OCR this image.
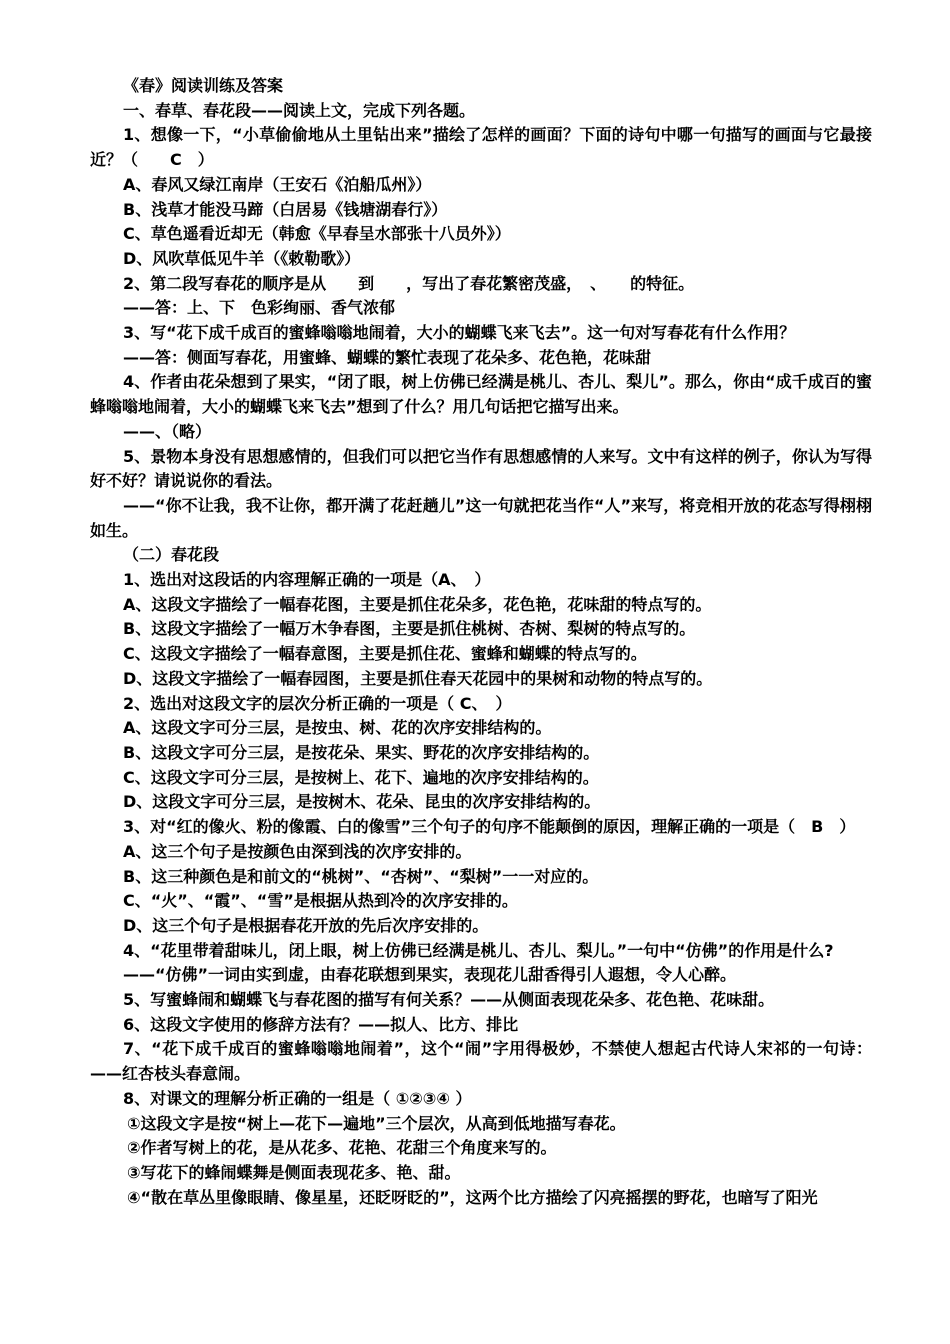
《春》阅读训练及答案

一、春草、春花段——阅读上文，完成下列各题。

1、想像一下，“小草偷偷地从土里钻出来”描绘了怎样的画面？下面的诗句中哪一句描写的画面与它最接近？（　　C　）

A、春风又绿江南岸（王安石《泊船瓜州》）

B、浅草才能没马蹄（白居易《钱塘湖春行》）

C、草色遥看近却无（韩愈《早春呈水部张十八员外》）

D、风吹草低见牛羊（《敕勒歌》）

2、第二段写春花的顺序是从　　到　　，写出了春花繁密茂盛，　、　　的特征。

——答：上、下　色彩绚丽、香气浓郁

3、写“花下成千成百的蜜蜂嗡嗡地闹着，大小的蝴蝶飞来飞去”。这一句对写春花有什么作用？

——答：侧面写春花，用蜜蜂、蝴蝶的繁忙表现了花朵多、花色艳，花味甜

4、作者由花朵想到了果实，“闭了眼，树上仿佛已经满是桃儿、杏儿、梨儿”。那么，你由“成千成百的蜜蜂嗡嗡地闹着，大小的蝴蝶飞来飞去”想到了什么？用几句话把它描写出来。

——、（略）

5、景物本身没有思想感情的，但我们可以把它当作有思想感情的人来写。文中有这样的例子，你认为写得好不好？请说说你的看法。

——“你不让我，我不让你，都开满了花赶趟儿”这一句就把花当作“人”来写，将竞相开放的花态写得栩栩如生。

（二）春花段

1、选出对这段话的内容理解正确的一项是（A、　）

A、这段文字描绘了一幅春花图，主要是抓住花朵多，花色艳，花味甜的特点写的。

B、这段文字描绘了一幅万木争春图，主要是抓住桃树、杏树、梨树的特点写的。

C、这段文字描绘了一幅春意图，主要是抓住花、蜜蜂和蝴蝶的特点写的。

D、这段文字描绘了一幅春园图，主要是抓住春天花园中的果树和动物的特点写的。

2、选出对这段文字的层次分析正确的一项是（ C、　）

A、这段文字可分三层，是按虫、树、花的次序安排结构的。

B、这段文字可分三层，是按花朵、果实、野花的次序安排结构的。

C、这段文字可分三层，是按树上、花下、遍地的次序安排结构的。

D、这段文字可分三层，是按树木、花朵、昆虫的次序安排结构的。

3、对“红的像火、粉的像霞、白的像雪”三个句子的句序不能颠倒的原因，理解正确的一项是（　B　）

A、这三个句子是按颜色由深到浅的次序安排的。

B、这三种颜色是和前文的“桃树”、“杏树”、“梨树”一一对应的。

C、“火”、“霞”、“雪”是根据从热到冷的次序安排的。

D、这三个句子是根据春花开放的先后次序安排的。

4、“花里带着甜味儿，闭上眼，树上仿佛已经满是桃儿、杏儿、梨儿。”一句中“仿佛”的作用是什么?

——“仿佛”一词由实到虚，由春花联想到果实，表现花儿甜香得引人遐想，令人心醉。

5、写蜜蜂闹和蝴蝶飞与春花图的描写有何关系？——从侧面表现花朵多、花色艳、花味甜。

6、这段文字使用的修辞方法有？——拟人、比方、排比

7、“花下成千成百的蜜蜂嗡嗡地闹着”，这个“闹”字用得极妙，不禁使人想起古代诗人宋祁的一句诗：——红杏枝头春意闹。

8、对课文的理解分析正确的一组是（ ①②③④ ）

①这段文字是按“树上—花下—遍地”三个层次，从高到低地描写春花。

②作者写树上的花，是从花多、花艳、花甜三个角度来写的。

③写花下的蜂闹蝶舞是侧面表现花多、艳、甜。

④“散在草丛里像眼睛、像星星，还眨呀眨的”，这两个比方描绘了闪亮摇摆的野花，也暗写了阳光
